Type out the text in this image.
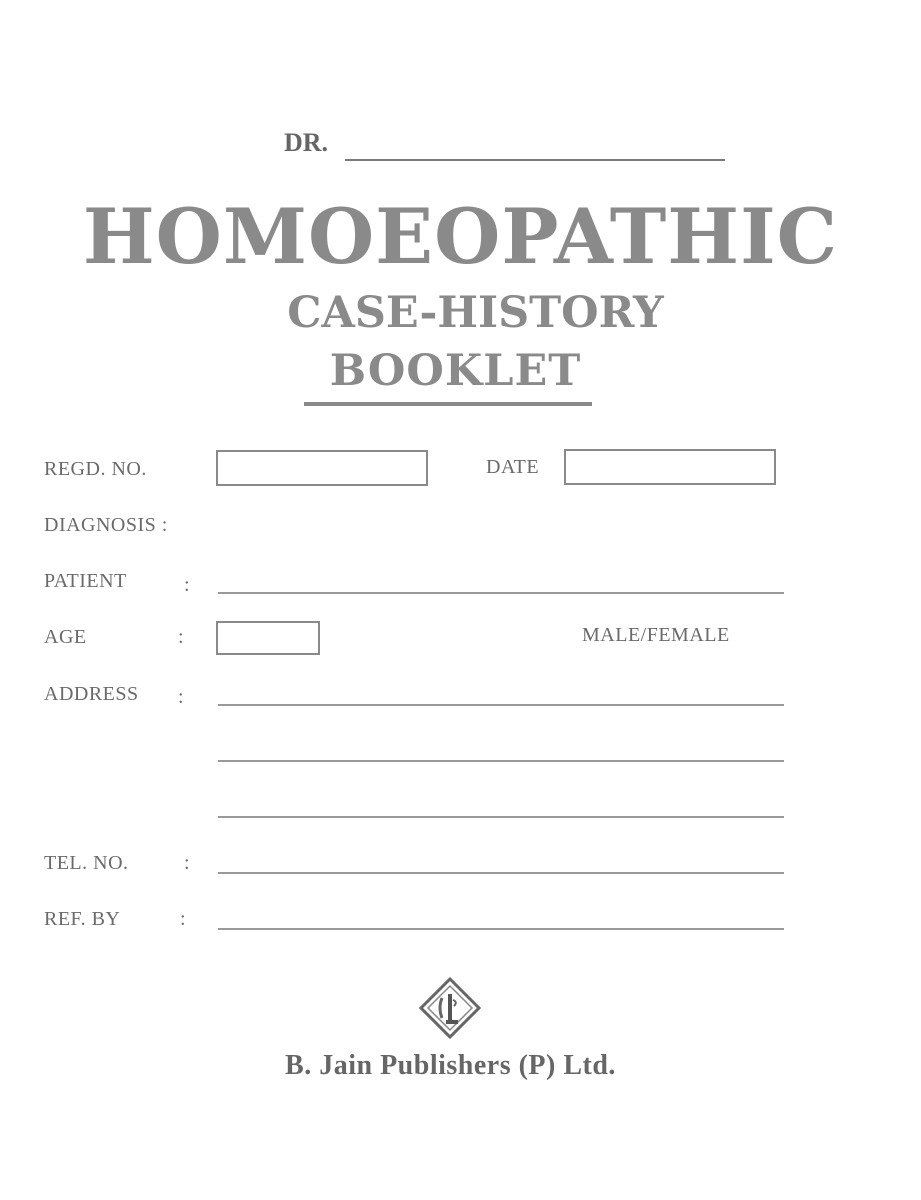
DR.
HOMOEOPATHIC
CASE-HISTORY
BOOKLET
REGD. NO.	DATE
DIAGNOSIS :
PATIENT	:
AGE	:	MALE/FEMALE
ADDRESS :
TEL. NO.	:
REF. BY	:
B. Jain Publishers (P) Ltd.
